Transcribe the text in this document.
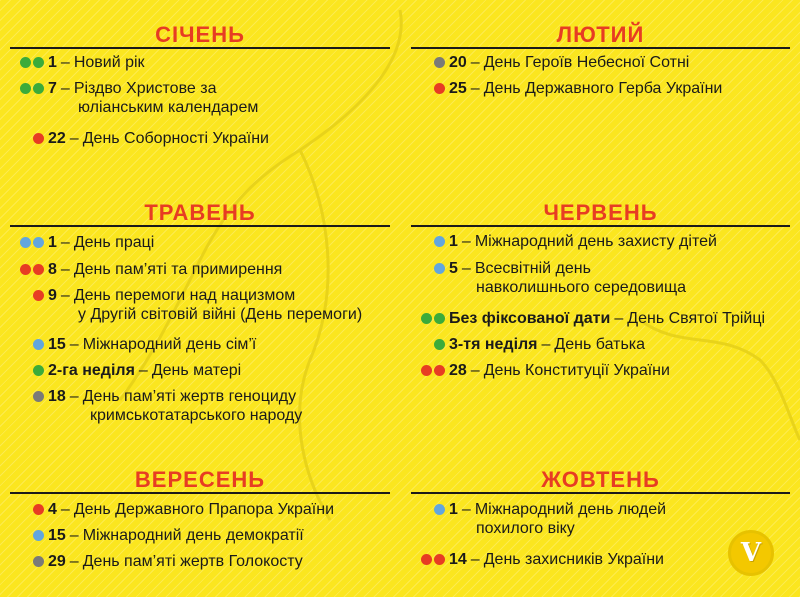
СІЧЕНЬ
1 – Новий рік
7 – Різдво Христове за
юліанським календарем
22 – День Соборності України
ЛЮТИЙ
20 – День Героїв Небесної Сотні
25 – День Державного Герба України
ТРАВЕНЬ
1 – День праці
8 – День пам’яті та примирення
9 – День перемоги над нацизмом
у Другій світовій війні (День перемоги)
15 – Міжнародний день сім’ї
2-га неділя – День матері
18 – День пам’яті жертв геноциду
кримськотатарського народу
ЧЕРВЕНЬ
1 – Міжнародний день захисту дітей
5 – Всесвітній день
навколишнього середовища
Без фіксованої дати – День Святої Трійці
3-тя неділя – День батька
28 – День Конституції України
ВЕРЕСЕНЬ
4 – День Державного Прапора України
15 – Міжнародний день демократії
29 – День пам’яті жертв Голокосту
ЖОВТЕНЬ
1 – Міжнародний день людей
похилого віку
14 – День захисників України	V
